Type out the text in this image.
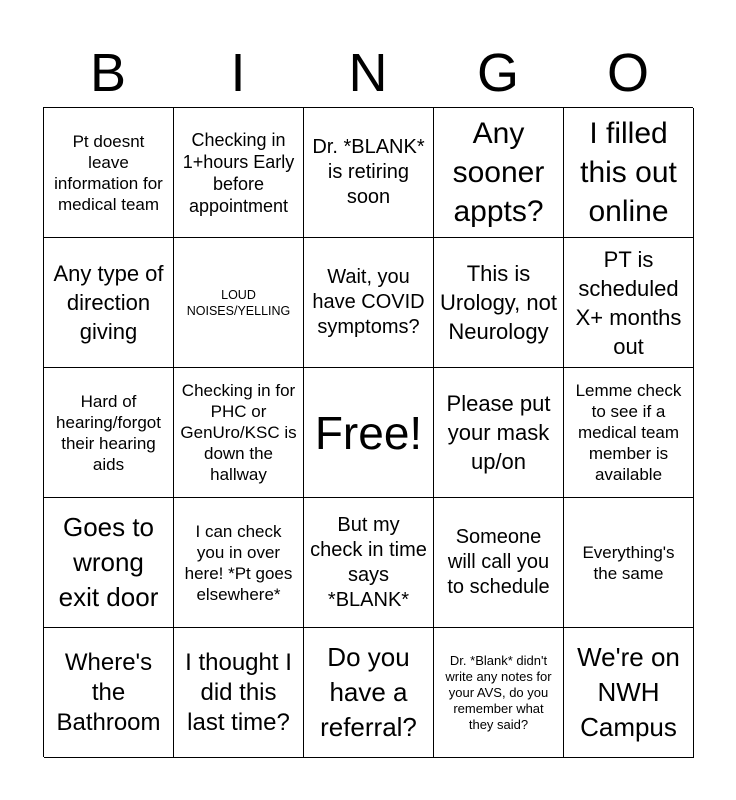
B	I	N	G	O
Pt doesnt leave information for medical team
Checking in 1+hours Early before appointment
Dr. *BLANK* is retiring soon
Any sooner appts?
I filled this out online
Any type of direction giving
LOUD NOISES/YELLING
Wait, you have COVID symptoms?
This is Urology, not Neurology
PT is scheduled X+ months out
Hard of hearing/forgot their hearing aids
Checking in for PHC or GenUro/KSC is down the hallway
Free!
Please put your mask up/on
Lemme check to see if a medical team member is available
Goes to wrong exit door
I can check you in over here! *Pt goes elsewhere*
But my check in time says *BLANK*
Someone will call you to schedule
Everything's the same
Where's the Bathroom
I thought I did this last time?
Do you have a referral?
Dr. *Blank* didn't write any notes for your AVS, do you remember what they said?
We're on NWH Campus
